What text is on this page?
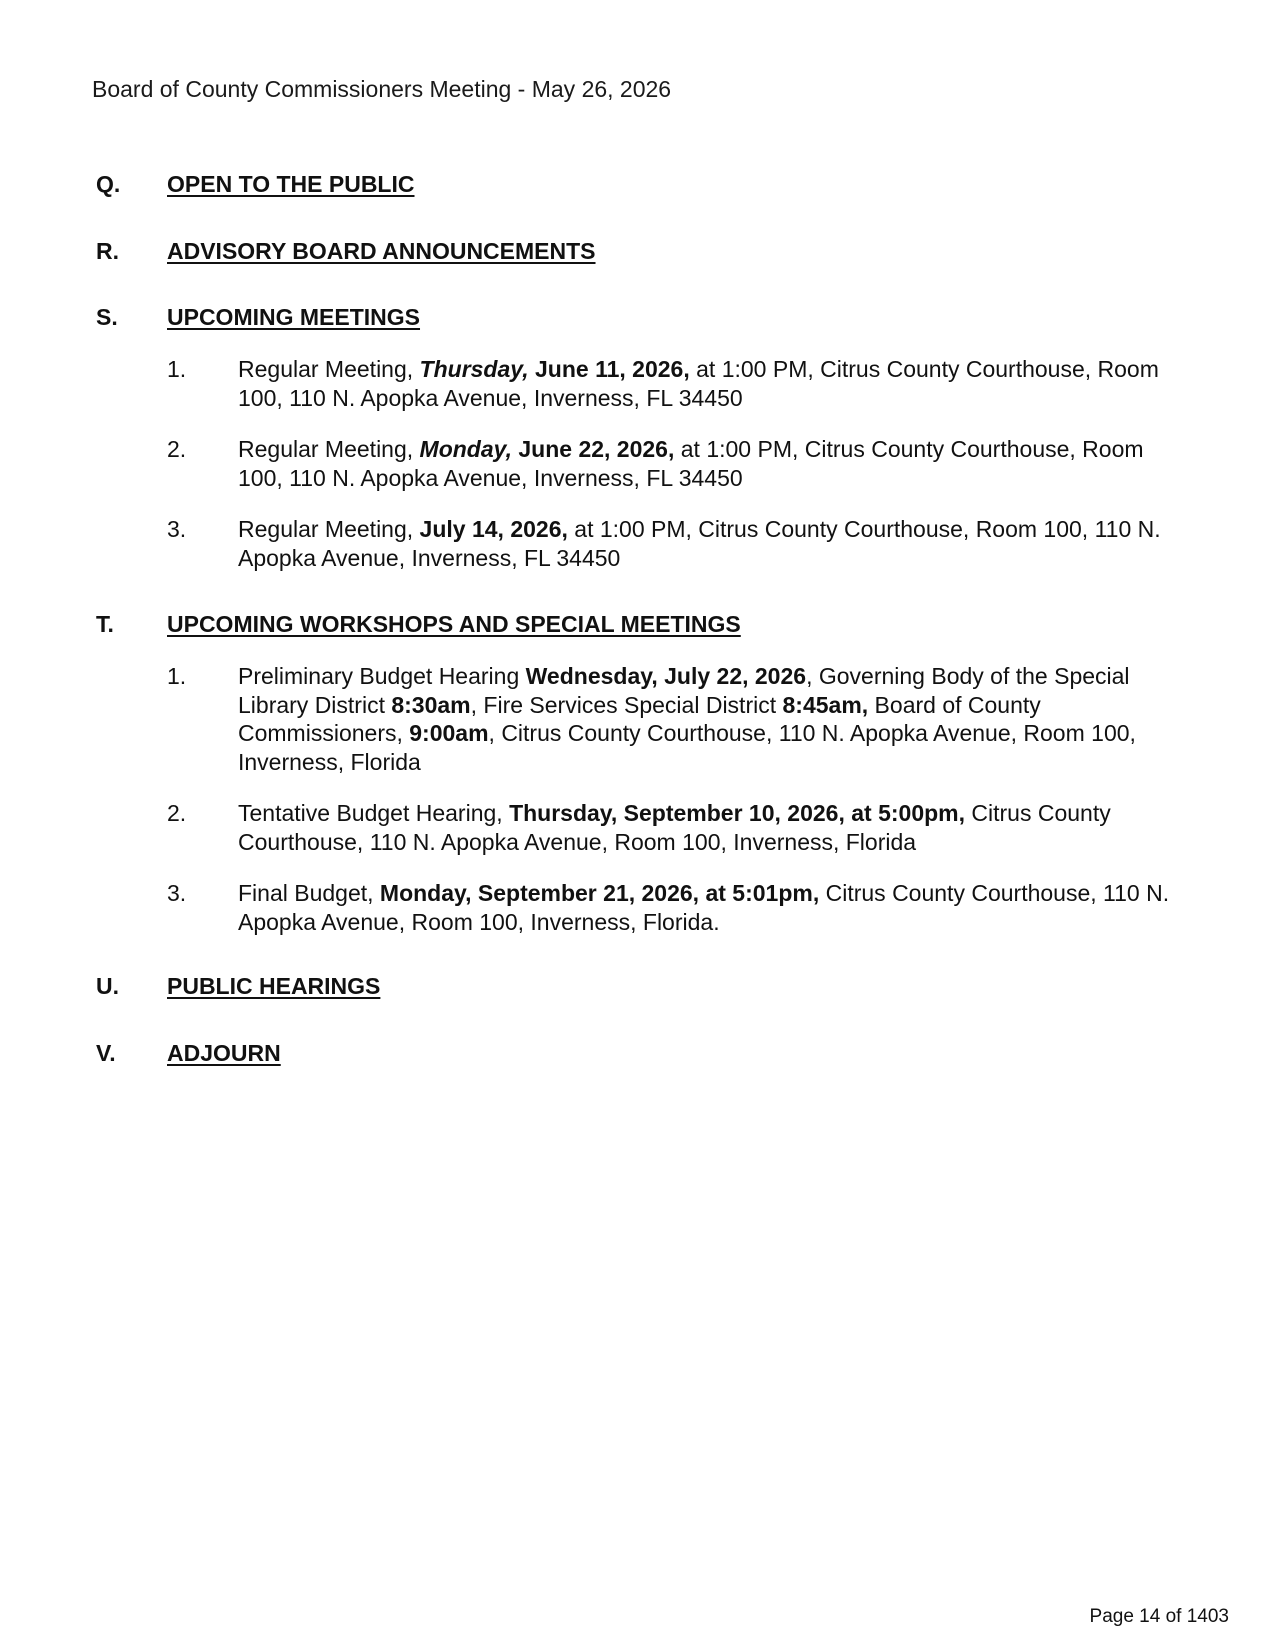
Board of County Commissioners Meeting - May 26, 2026
Q.	OPEN TO THE PUBLIC
R.	ADVISORY BOARD ANNOUNCEMENTS
S.	UPCOMING MEETINGS
1.	Regular Meeting, Thursday, June 11, 2026, at 1:00 PM, Citrus County Courthouse, Room 100, 110 N. Apopka Avenue, Inverness, FL 34450
2.	Regular Meeting, Monday, June 22, 2026, at 1:00 PM, Citrus County Courthouse, Room 100, 110 N. Apopka Avenue, Inverness, FL 34450
3.	Regular Meeting, July 14, 2026, at 1:00 PM, Citrus County Courthouse, Room 100, 110 N. Apopka Avenue, Inverness, FL 34450
T.	UPCOMING WORKSHOPS AND SPECIAL MEETINGS
1.	Preliminary Budget Hearing Wednesday, July 22, 2026, Governing Body of the Special Library District 8:30am, Fire Services Special District 8:45am, Board of County Commissioners, 9:00am, Citrus County Courthouse, 110 N. Apopka Avenue, Room 100, Inverness, Florida
2.	Tentative Budget Hearing, Thursday, September 10, 2026, at 5:00pm, Citrus County Courthouse, 110 N. Apopka Avenue, Room 100, Inverness, Florida
3.	Final Budget, Monday, September 21, 2026, at 5:01pm, Citrus County Courthouse, 110 N. Apopka Avenue, Room 100, Inverness, Florida.
U.	PUBLIC HEARINGS
V.	ADJOURN
Page 14 of 1403
